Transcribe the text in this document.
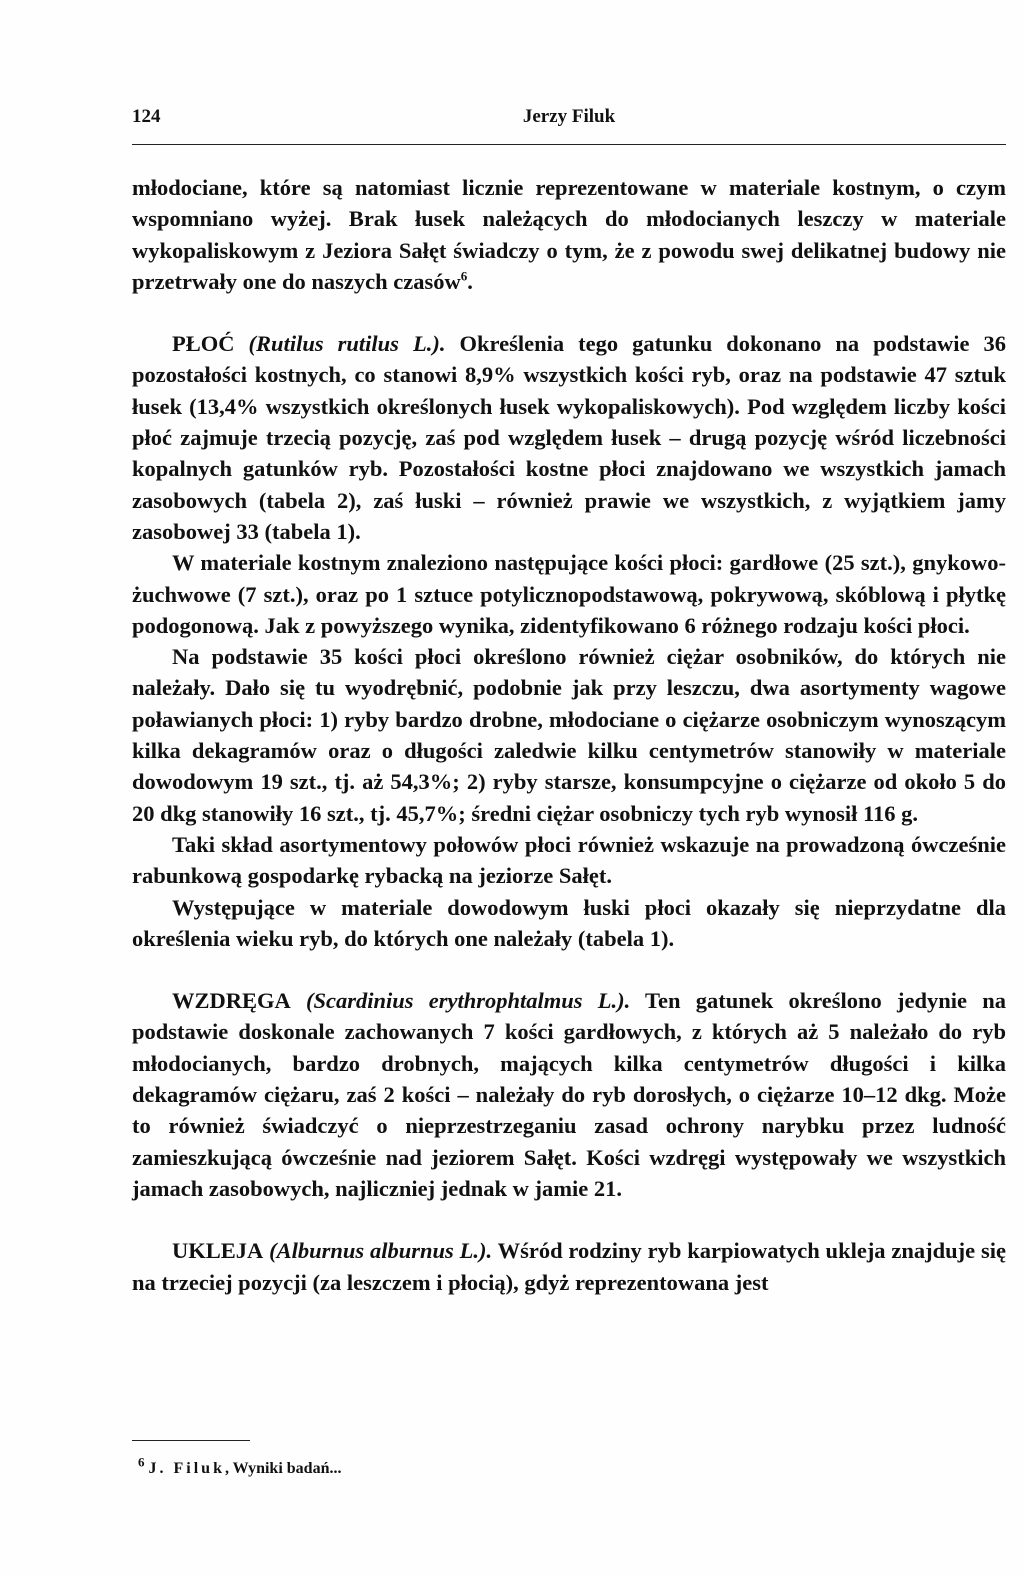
124	Jerzy Filuk

młodociane, które są natomiast licznie reprezentowane w materiale kostnym, o czym wspomniano wyżej. Brak łusek należących do młodocianych leszczy w materiale wykopaliskowym z Jeziora Sałęt świadczy o tym, że z powodu swej delikatnej budowy nie przetrwały one do naszych czasów$^6$.

PŁOĆ (Rutilus rutilus L.). Określenia tego gatunku dokonano na podstawie 36 pozostałości kostnych, co stanowi 8,9% wszystkich kości ryb, oraz na podstawie 47 sztuk łusek (13,4% wszystkich określonych łusek wykopaliskowych). Pod względem liczby kości płoć zajmuje trzecią pozycję, zaś pod względem łusek – drugą pozycję wśród liczebności kopalnych gatunków ryb. Pozostałości kostne płoci znajdowano we wszystkich jamach zasobowych (tabela 2), zaś łuski – również prawie we wszystkich, z wyjątkiem jamy zasobowej 33 (tabela 1).

W materiale kostnym znaleziono następujące kości płoci: gardłowe (25 szt.), gnykowo-żuchwowe (7 szt.), oraz po 1 sztuce potylicznopodstawową, pokrywową, skóblową i płytkę podogonową. Jak z powyższego wynika, zidentyfikowano 6 różnego rodzaju kości płoci.

Na podstawie 35 kości płoci określono również ciężar osobników, do których nie należały. Dało się tu wyodrębnić, podobnie jak przy leszczu, dwa asortymenty wagowe poławianych płoci: 1) ryby bardzo drobne, młodociane o ciężarze osobniczym wynoszącym kilka dekagramów oraz o długości zaledwie kilku centymetrów stanowiły w materiale dowodowym 19 szt., tj. aż 54,3%; 2) ryby starsze, konsumpcyjne o ciężarze od około 5 do 20 dkg stanowiły 16 szt., tj. 45,7%; średni ciężar osobniczy tych ryb wynosił 116 g.

Taki skład asortymentowy połowów płoci również wskazuje na prowadzoną ówcześnie rabunkową gospodarkę rybacką na jeziorze Sałęt.

Występujące w materiale dowodowym łuski płoci okazały się nieprzydatne dla określenia wieku ryb, do których one należały (tabela 1).

WZDRĘGA (Scardinius erythrophtalmus L.). Ten gatunek określono jedynie na podstawie doskonale zachowanych 7 kości gardłowych, z których aż 5 należało do ryb młodocianych, bardzo drobnych, mających kilka centymetrów długości i kilka dekagramów ciężaru, zaś 2 kości – należały do ryb dorosłych, o ciężarze 10–12 dkg. Może to również świadczyć o nieprzestrzeganiu zasad ochrony narybku przez ludność zamieszkującą ówcześnie nad jeziorem Sałęt. Kości wzdręgi występowały we wszystkich jamach zasobowych, najliczniej jednak w jamie 21.

UKLEJA (Alburnus alburnus L.). Wśród rodziny ryb karpiowatych ukleja znajduje się na trzeciej pozycji (za leszczem i płocią), gdyż reprezentowana jest

$^6$ J. Filuk, Wyniki badań...
